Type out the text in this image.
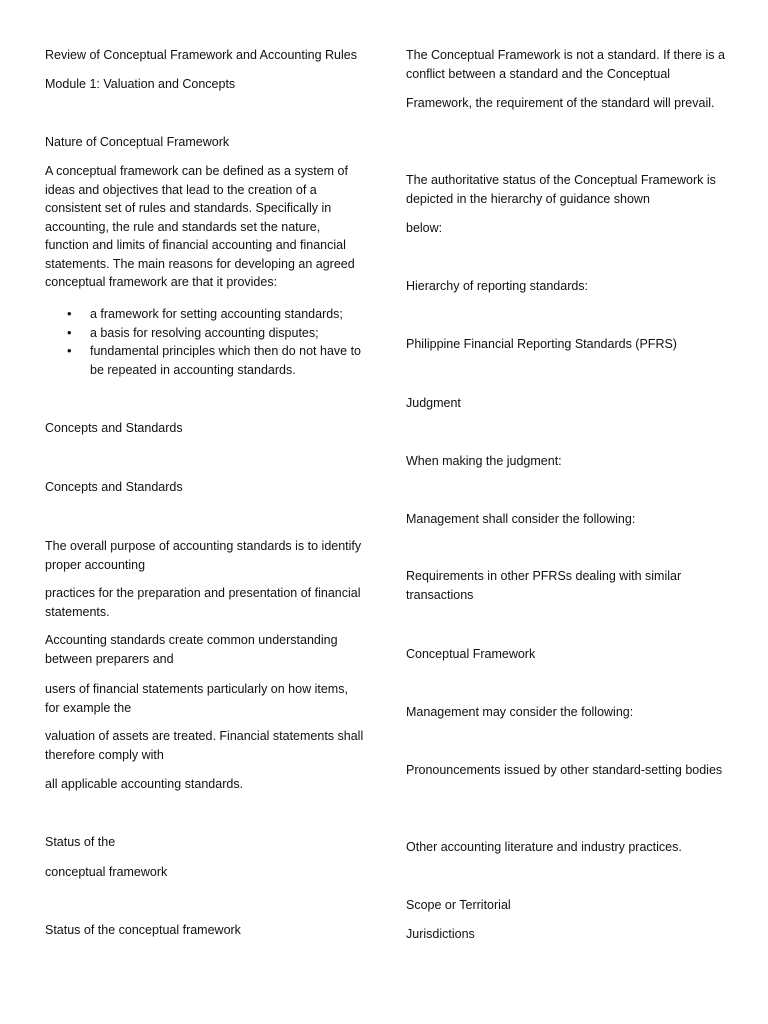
Review of Conceptual Framework and Accounting Rules

Module 1: Valuation and Concepts

Nature of Conceptual Framework

A conceptual framework can be defined as a system of ideas and objectives that lead to the creation of a consistent set of rules and standards. Specifically in accounting, the rule and standards set the nature, function and limits of financial accounting and financial statements. The main reasons for developing an agreed conceptual framework are that it provides:

• a framework for setting accounting standards;
• a basis for resolving accounting disputes;
• fundamental principles which then do not have to be repeated in accounting standards.

Concepts and Standards

Concepts and Standards

The overall purpose of accounting standards is to identify proper accounting

practices for the preparation and presentation of financial statements.

Accounting standards create common understanding between preparers and

users of financial statements particularly on how items, for example the

valuation of assets are treated. Financial statements shall therefore comply with

all applicable accounting standards.

Status of the

conceptual framework

Status of the conceptual framework

The Conceptual Framework is not a standard. If there is a conflict between a standard and the Conceptual

Framework, the requirement of the standard will prevail.

The authoritative status of the Conceptual Framework is depicted in the hierarchy of guidance shown

below:

Hierarchy of reporting standards:

Philippine Financial Reporting Standards (PFRS)

Judgment

When making the judgment:

Management shall consider the following:

Requirements in other PFRSs dealing with similar transactions

Conceptual Framework

Management may consider the following:

Pronouncements issued by other standard-setting bodies

Other accounting literature and industry practices.

Scope or Territorial

Jurisdictions
